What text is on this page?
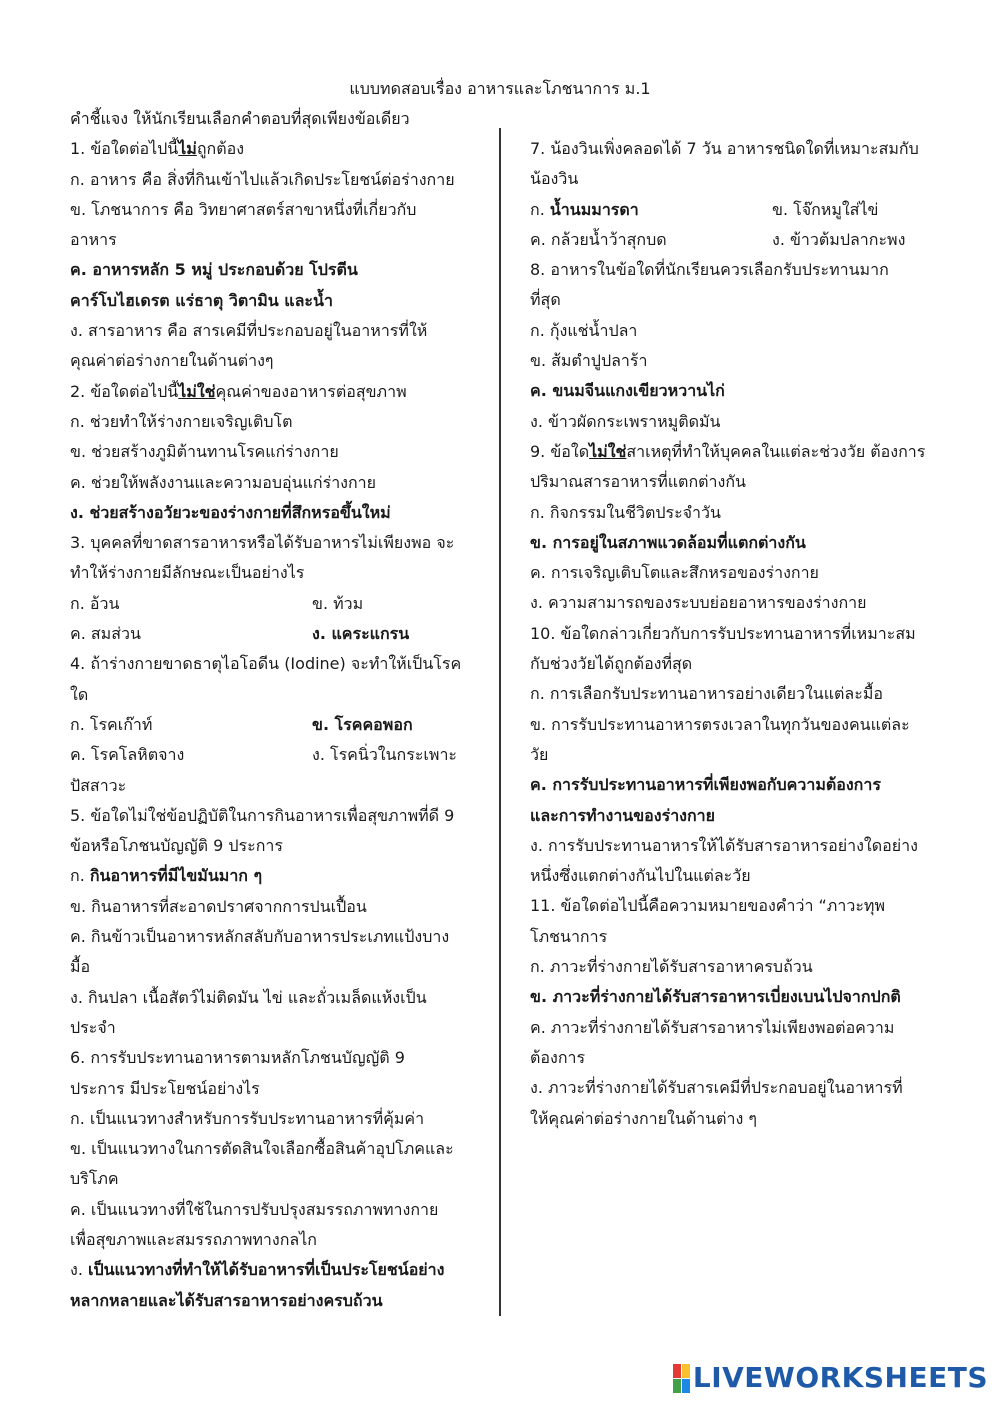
แบบทดสอบเรื่อง อาหารและโภชนาการ ม.1
คำชี้แจง ให้นักเรียนเลือกคำตอบที่สุดเพียงข้อเดียว
1. ข้อใดต่อไปนี้ไม่ถูกต้อง
ก. อาหาร คือ สิ่งที่กินเข้าไปแล้วเกิดประโยชน์ต่อร่างกาย
ข. โภชนาการ คือ วิทยาศาสตร์สาขาหนึ่งที่เกี่ยวกับ
อาหาร
ค. อาหารหลัก 5 หมู่ ประกอบด้วย โปรตีน
คาร์โบไฮเดรต แร่ธาตุ วิตามิน และน้ำ
ง. สารอาหาร คือ สารเคมีที่ประกอบอยู่ในอาหารที่ให้
คุณค่าต่อร่างกายในด้านต่างๆ
2. ข้อใดต่อไปนี้ไม่ใช่คุณค่าของอาหารต่อสุขภาพ
ก. ช่วยทำให้ร่างกายเจริญเติบโต
ข. ช่วยสร้างภูมิต้านทานโรคแก่ร่างกาย
ค. ช่วยให้พลังงานและความอบอุ่นแก่ร่างกาย
ง. ช่วยสร้างอวัยวะของร่างกายที่สึกหรอขึ้นใหม่
3. บุคคลที่ขาดสารอาหารหรือได้รับอาหารไม่เพียงพอ จะ
ทำให้ร่างกายมีลักษณะเป็นอย่างไร
ก. อ้วน	ข. ท้วม
ค. สมส่วน	ง. แคระแกรน
4. ถ้าร่างกายขาดธาตุไอโอดีน (Iodine) จะทำให้เป็นโรค
ใด
ก. โรคเก๊าท์	ข. โรคคอพอก
ค. โรคโลหิตจาง	ง. โรคนิ่วในกระเพาะ
ปัสสาวะ
5. ข้อใดไม่ใช่ข้อปฏิบัติในการกินอาหารเพื่อสุขภาพที่ดี 9
ข้อหรือโภชนบัญญัติ 9 ประการ
ก. กินอาหารที่มีไขมันมาก ๆ
ข. กินอาหารที่สะอาดปราศจากการปนเปื้อน
ค. กินข้าวเป็นอาหารหลักสลับกับอาหารประเภทแป้งบาง
มื้อ
ง. กินปลา เนื้อสัตว์ไม่ติดมัน ไข่ และถั่วเมล็ดแห้งเป็น
ประจำ
6. การรับประทานอาหารตามหลักโภชนบัญญัติ 9
ประการ มีประโยชน์อย่างไร
ก. เป็นแนวทางสำหรับการรับประทานอาหารที่คุ้มค่า
ข. เป็นแนวทางในการตัดสินใจเลือกซื้อสินค้าอุปโภคและ
บริโภค
ค. เป็นแนวทางที่ใช้ในการปรับปรุงสมรรถภาพทางกาย
เพื่อสุขภาพและสมรรถภาพทางกลไก
ง. เป็นแนวทางที่ทำให้ได้รับอาหารที่เป็นประโยชน์อย่าง
หลากหลายและได้รับสารอาหารอย่างครบถ้วน
7. น้องวินเพิ่งคลอดได้ 7 วัน อาหารชนิดใดที่เหมาะสมกับ
น้องวิน
ก. น้ำนมมารดา	ข. โจ๊กหมูใส่ไข่
ค. กล้วยน้ำว้าสุกบด	ง. ข้าวต้มปลากะพง
8. อาหารในข้อใดที่นักเรียนควรเลือกรับประทานมาก
ที่สุด
ก. กุ้งแช่น้ำปลา
ข. ส้มตำปูปลาร้า
ค. ขนมจีนแกงเขียวหวานไก่
ง. ข้าวผัดกระเพราหมูติดมัน
9. ข้อใดไม่ใช่สาเหตุที่ทำให้บุคคลในแต่ละช่วงวัย ต้องการ
ปริมาณสารอาหารที่แตกต่างกัน
ก. กิจกรรมในชีวิตประจำวัน
ข. การอยู่ในสภาพแวดล้อมที่แตกต่างกัน
ค. การเจริญเติบโตและสึกหรอของร่างกาย
ง. ความสามารถของระบบย่อยอาหารของร่างกาย
10. ข้อใดกล่าวเกี่ยวกับการรับประทานอาหารที่เหมาะสม
กับช่วงวัยได้ถูกต้องที่สุด
ก. การเลือกรับประทานอาหารอย่างเดียวในแต่ละมื้อ
ข. การรับประทานอาหารตรงเวลาในทุกวันของคนแต่ละ
วัย
ค. การรับประทานอาหารที่เพียงพอกับความต้องการ
และการทำงานของร่างกาย
ง. การรับประทานอาหารให้ได้รับสารอาหารอย่างใดอย่าง
หนึ่งซึ่งแตกต่างกันไปในแต่ละวัย
11. ข้อใดต่อไปนี้คือความหมายของคำว่า “ภาวะทุพ
โภชนาการ
ก. ภาวะที่ร่างกายได้รับสารอาหาครบถ้วน
ข. ภาวะที่ร่างกายได้รับสารอาหารเบี่ยงเบนไปจากปกติ
ค. ภาวะที่ร่างกายได้รับสารอาหารไม่เพียงพอต่อความ
ต้องการ
ง. ภาวะที่ร่างกายได้รับสารเคมีที่ประกอบอยู่ในอาหารที่
ให้คุณค่าต่อร่างกายในด้านต่าง ๆ
LIVEWORKSHEETS
